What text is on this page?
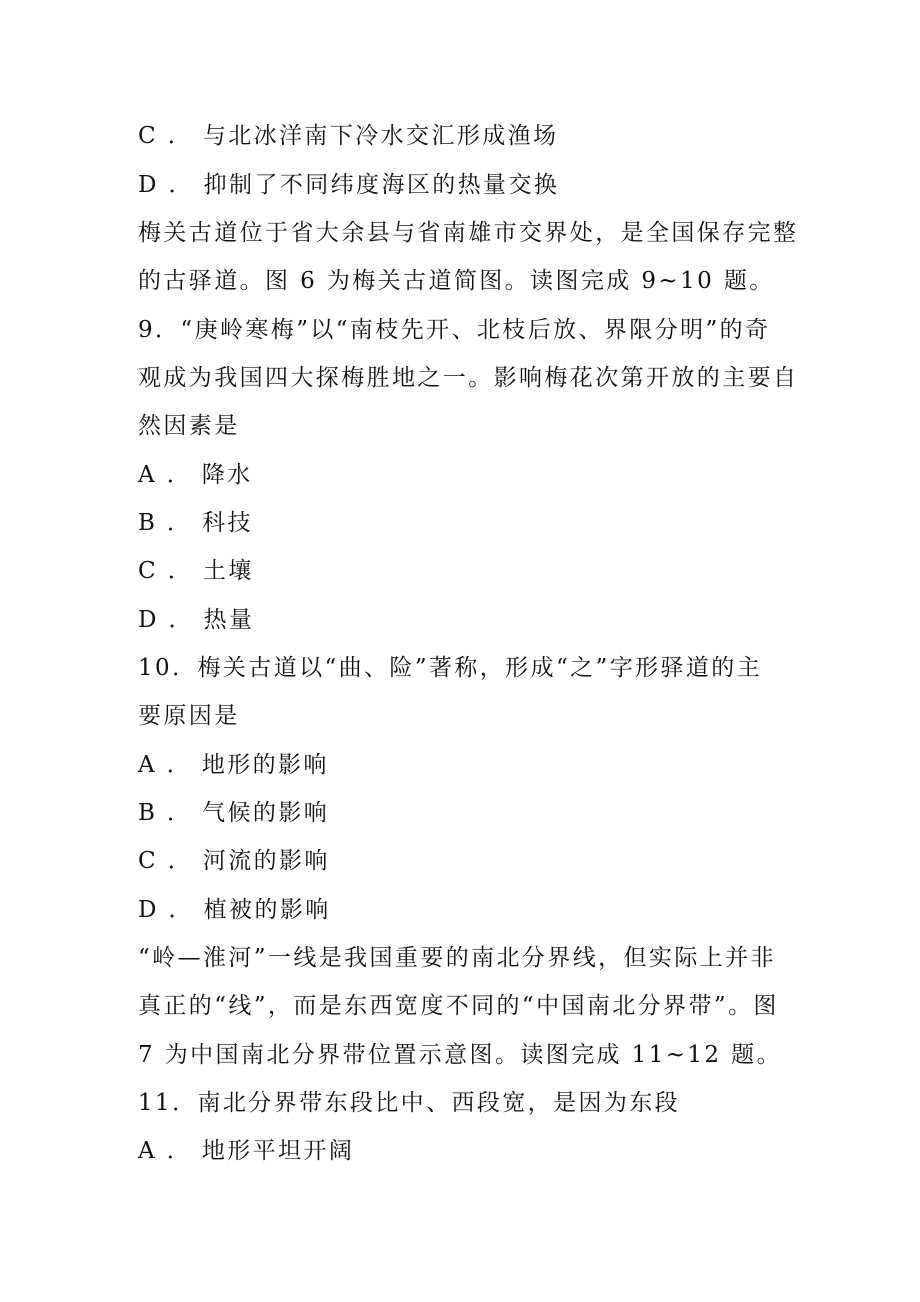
C ． 与北冰洋南下冷水交汇形成渔场
D ． 抑制了不同纬度海区的热量交换
梅关古道位于省大余县与省南雄市交界处，是全国保存完整
的古驿道。图 6 为梅关古道简图。读图完成 9~10 题。
9．“庚岭寒梅”以“南枝先开、北枝后放、界限分明”的奇
观成为我国四大探梅胜地之一。影响梅花次第开放的主要自
然因素是
A ． 降水
B ． 科技
C ． 土壤
D ． 热量
10．梅关古道以“曲、险”著称，形成“之”字形驿道的主
要原因是
A ． 地形的影响
B ． 气候的影响
C ． 河流的影响
D ． 植被的影响
“岭—淮河”一线是我国重要的南北分界线，但实际上并非
真正的“线”，而是东西宽度不同的“中国南北分界带”。图
7 为中国南北分界带位置示意图。读图完成 11~12 题。
11．南北分界带东段比中、西段宽，是因为东段
A ． 地形平坦开阔
